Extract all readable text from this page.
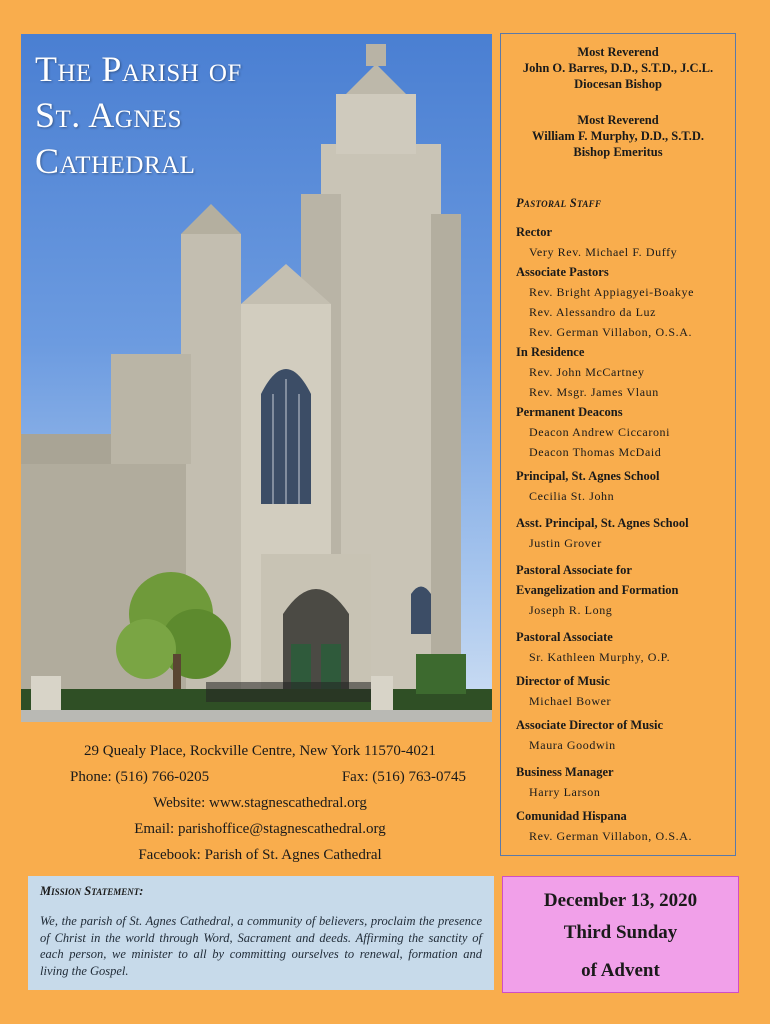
The Parish of
St. Agnes
Cathedral
29 Quealy Place, Rockville Centre, New York 11570-4021
Phone: (516) 766-0205	Fax: (516) 763-0745
Website: www.stagnescathedral.org
Email: parishoffice@stagnescathedral.org
Facebook: Parish of St. Agnes Cathedral
Most Reverend
John O. Barres, D.D., S.T.D., J.C.L.
Diocesan Bishop
Most Reverend
William F. Murphy, D.D., S.T.D.
Bishop Emeritus
Pastoral Staff
Rector
Very Rev. Michael F. Duffy
Associate Pastors
Rev. Bright Appiagyei-Boakye
Rev. Alessandro da Luz
Rev. German Villabon, O.S.A.
In Residence
Rev. John McCartney
Rev. Msgr. James Vlaun
Permanent Deacons
Deacon Andrew Ciccaroni
Deacon Thomas McDaid
Principal, St. Agnes School
Cecilia St. John
Asst. Principal, St. Agnes School
Justin Grover
Pastoral Associate for
Evangelization and Formation
Joseph R. Long
Pastoral Associate
Sr. Kathleen Murphy, O.P.
Director of Music
Michael Bower
Associate Director of Music
Maura Goodwin
Business Manager
Harry Larson
Comunidad Hispana
Rev. German Villabon, O.S.A.
Mission Statement:

We, the parish of St. Agnes Cathedral, a community of believers, proclaim the presence of Christ in the world through Word, Sacrament and deeds. Affirming the sanctity of each person, we minister to all by committing ourselves to renewal, formation and living the Gospel.

December 13, 2020
Third Sunday
of Advent
